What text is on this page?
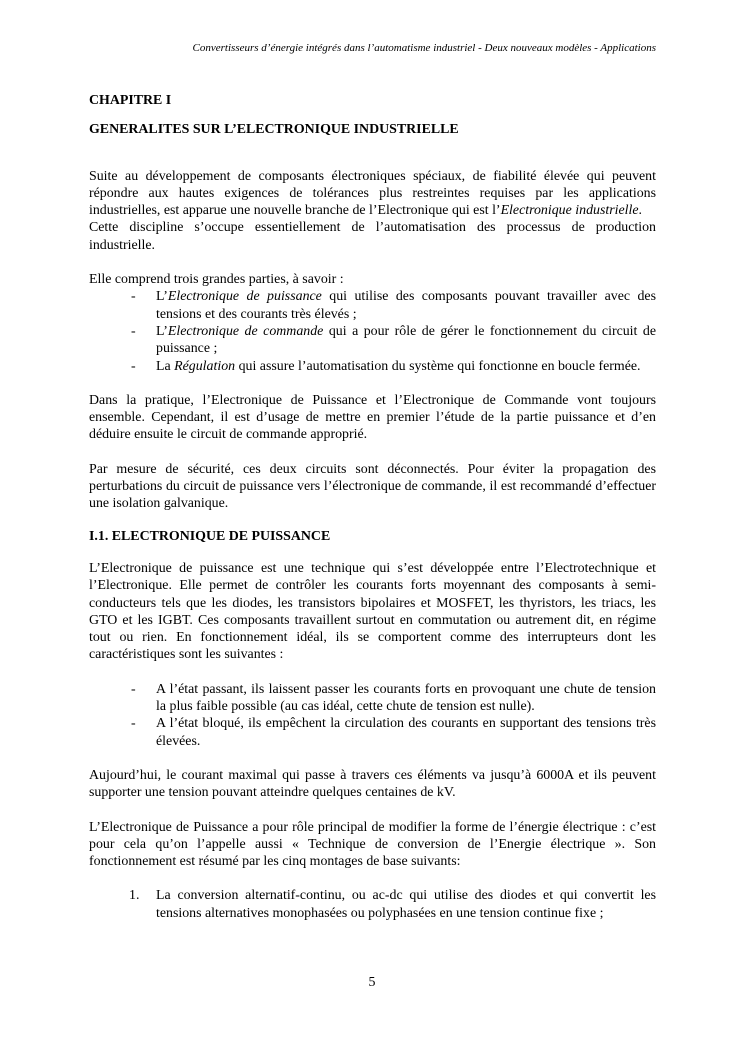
Convertisseurs d’énergie intégrés dans l’automatisme industriel - Deux nouveaux modèles - Applications

CHAPITRE I

GENERALITES SUR L’ELECTRONIQUE INDUSTRIELLE

Suite au développement de composants électroniques spéciaux, de fiabilité élevée qui peuvent répondre aux hautes exigences de tolérances plus restreintes requises par les applications industrielles, est apparue une nouvelle branche de l’Electronique qui est l’Electronique industrielle.

Cette discipline s’occupe essentiellement de l’automatisation des processus de production industrielle.

Elle comprend trois grandes parties, à savoir :

-	L’Electronique de puissance qui utilise des composants pouvant travailler avec des tensions et des courants très élevés ;
-	L’Electronique de commande qui a pour rôle de gérer le fonctionnement du circuit de puissance ;
-	La Régulation qui assure l’automatisation du système qui fonctionne en boucle fermée.

Dans la pratique, l’Electronique de Puissance et l’Electronique de Commande vont toujours ensemble. Cependant, il est d’usage de mettre en premier l’étude de la partie puissance et d’en déduire ensuite le circuit de commande approprié.

Par mesure de sécurité, ces deux circuits sont déconnectés. Pour éviter la propagation des perturbations du circuit de puissance vers l’électronique de commande, il est recommandé d’effectuer une isolation galvanique.

I.1. ELECTRONIQUE DE PUISSANCE

L’Electronique de puissance est une technique qui s’est développée entre l’Electrotechnique et l’Electronique. Elle permet de contrôler les courants forts moyennant des composants à semi-conducteurs tels que les diodes, les transistors bipolaires et MOSFET, les thyristors, les triacs, les GTO et les IGBT. Ces composants travaillent surtout en commutation ou autrement dit, en régime tout ou rien. En fonctionnement idéal, ils se comportent comme des interrupteurs dont les caractéristiques sont les suivantes :

-	A l’état passant, ils laissent passer les courants forts en provoquant une chute de tension la plus faible possible (au cas idéal, cette chute de tension est nulle).
-	A l’état bloqué, ils empêchent la circulation des courants en supportant des tensions très élevées.

Aujourd’hui, le courant maximal qui passe à travers ces éléments va jusqu’à 6000A et ils peuvent supporter une tension pouvant atteindre quelques centaines de kV.

L’Electronique de Puissance a pour rôle principal de modifier la forme de l’énergie électrique : c’est pour cela qu’on l’appelle aussi « Technique de conversion de l’Energie électrique ». Son fonctionnement est résumé par les cinq montages de base suivants:

1.	La conversion alternatif-continu, ou ac-dc qui utilise des diodes et qui convertit les tensions alternatives monophasées ou polyphasées en une tension continue fixe ;
5
